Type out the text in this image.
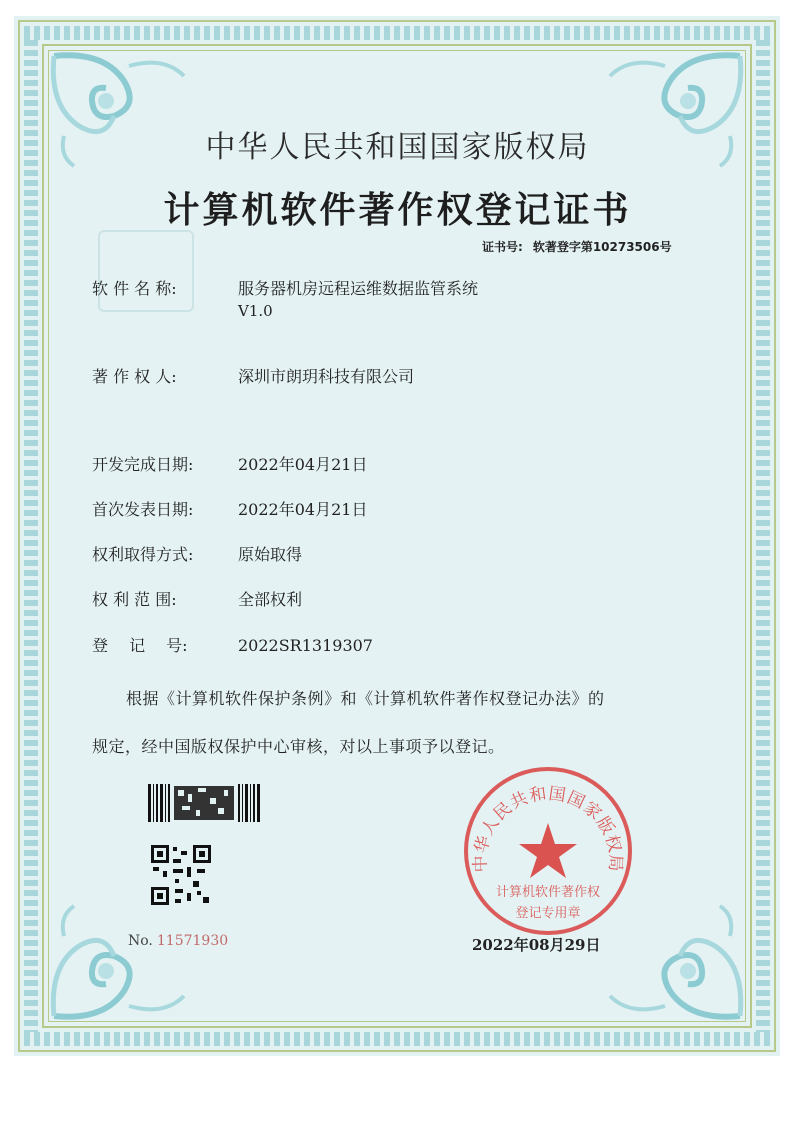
中华人民共和国国家版权局
计算机软件著作权登记证书
证书号: 软著登字第10273506号
软 件 名 称:	服务器机房远程运维数据监管系统
V1.0
著 作 权 人:	深圳市朗玥科技有限公司
开发完成日期:	2022年04月21日
首次发表日期:	2022年04月21日
权利取得方式:	原始取得
权 利 范 围:	全部权利
登　 记　 号:	2022SR1319307
根据《计算机软件保护条例》和《计算机软件著作权登记办法》的
规定，经中国版权保护中心审核，对以上事项予以登记。
No. 11571930
中华人民共和国国家版权局
计算机软件著作权
登记专用章
2022年08月29日
